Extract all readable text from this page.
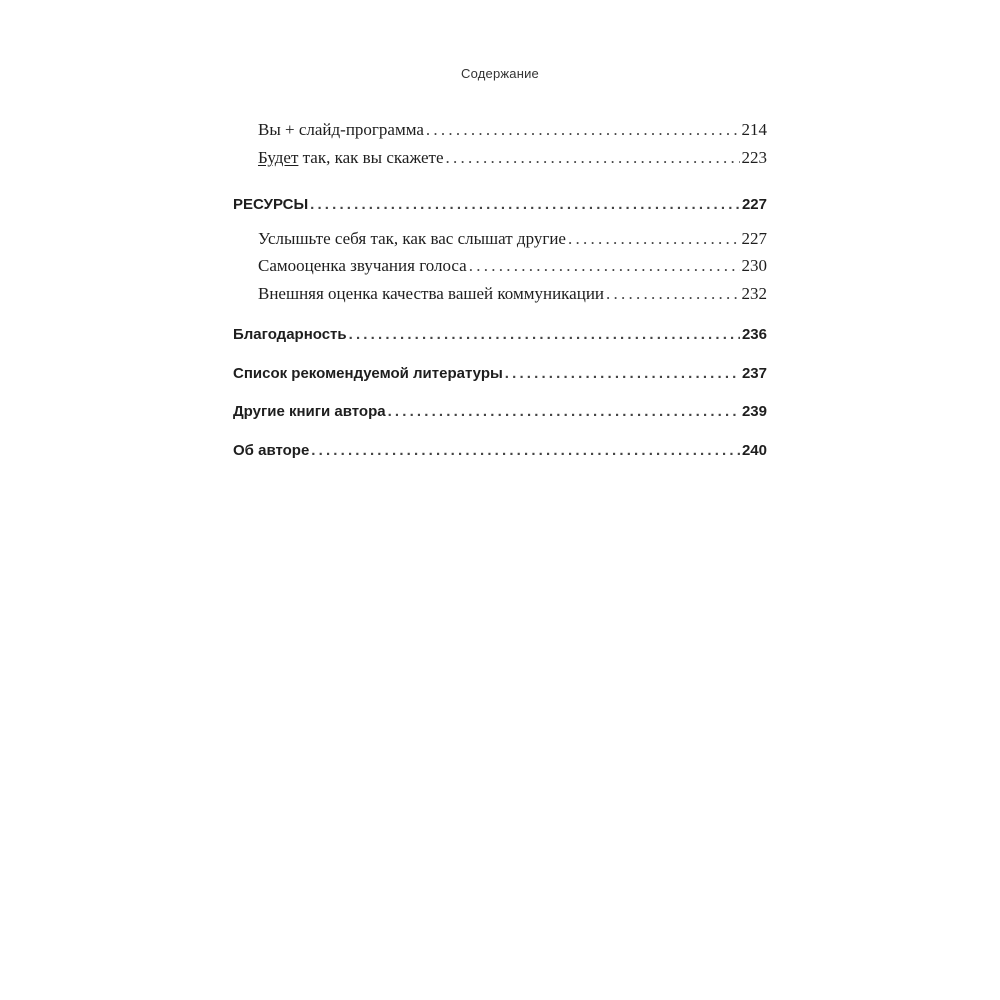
Содержание
Вы + слайд-программа . . .	214
Будет так, как вы скажете . . .	223
РЕСУРСЫ . . .	227
Услышьте себя так, как вас слышат другие . . .	227
Самооценка звучания голоса . . .	230
Внешняя оценка качества вашей коммуникации . . .	232
Благодарность . . .	236
Список рекомендуемой литературы . . .	237
Другие книги автора . . .	239
Об авторе . . .	240
